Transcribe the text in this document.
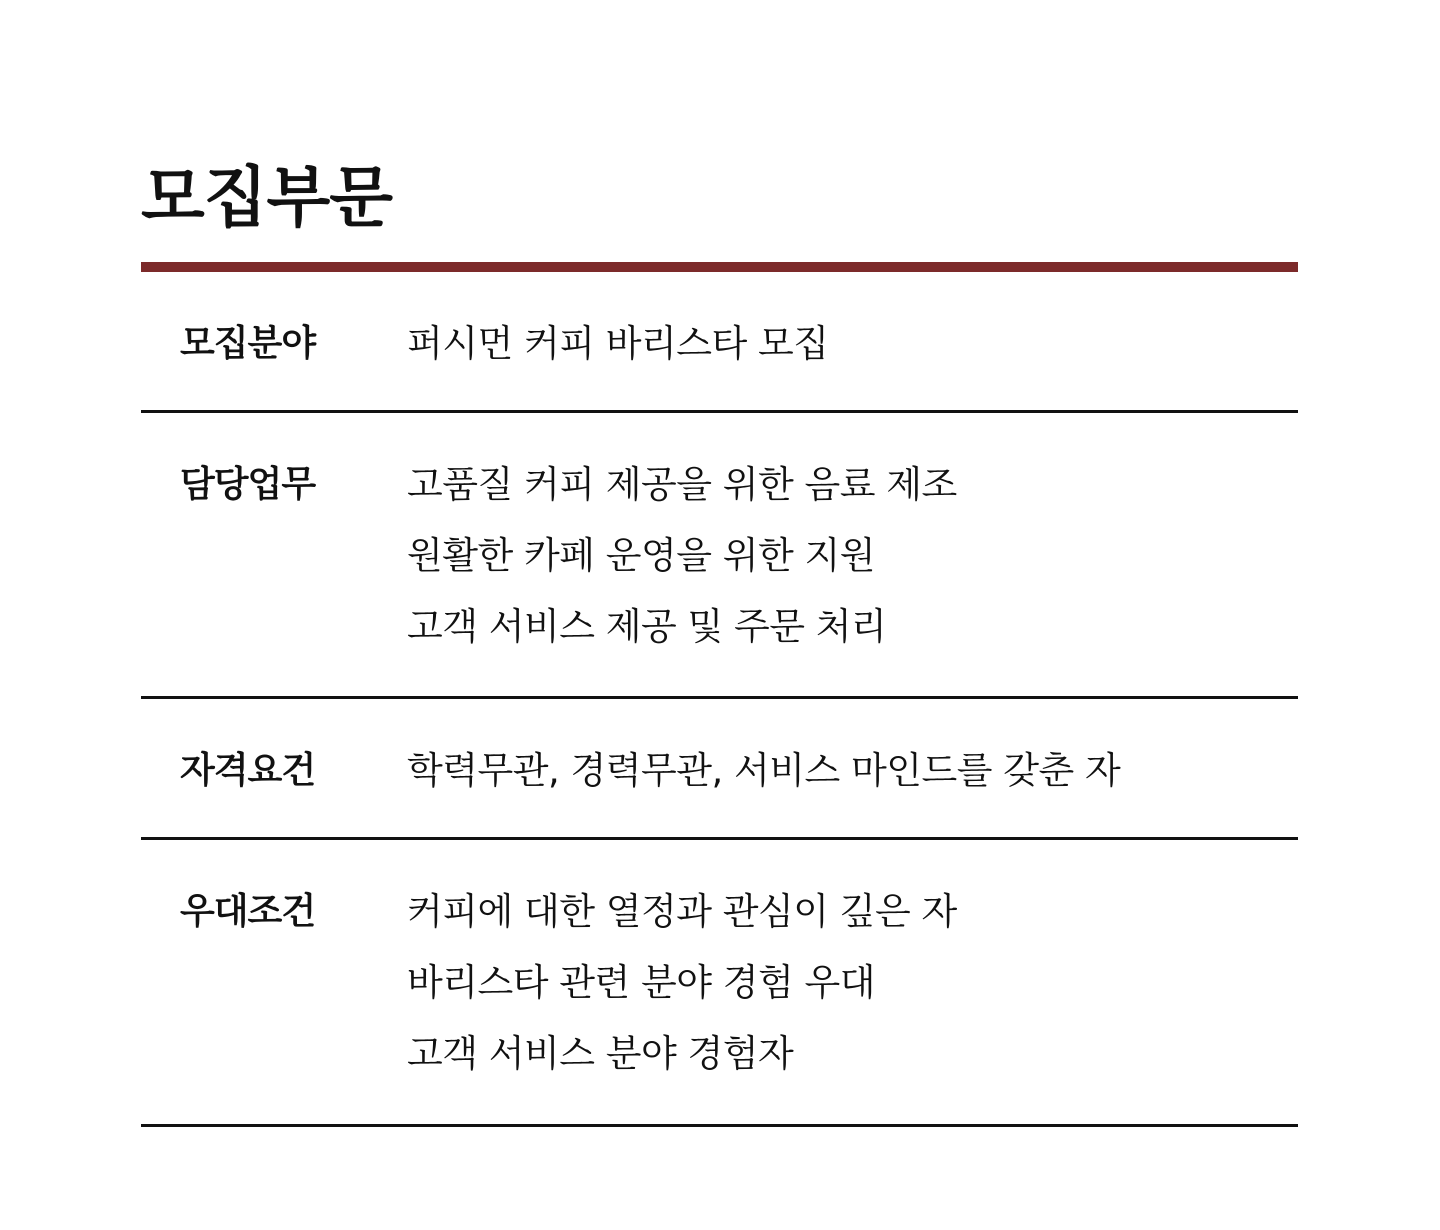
모집부문
모집분야 퍼시먼 커피 바리스타 모집
담당업무 고품질 커피 제공을 위한 음료 제조
원활한 카페 운영을 위한 지원
고객 서비스 제공 및 주문 처리
자격요건 학력무관, 경력무관, 서비스 마인드를 갖춘 자
우대조건 커피에 대한 열정과 관심이 깊은 자
바리스타 관련 분야 경험 우대
고객 서비스 분야 경험자
